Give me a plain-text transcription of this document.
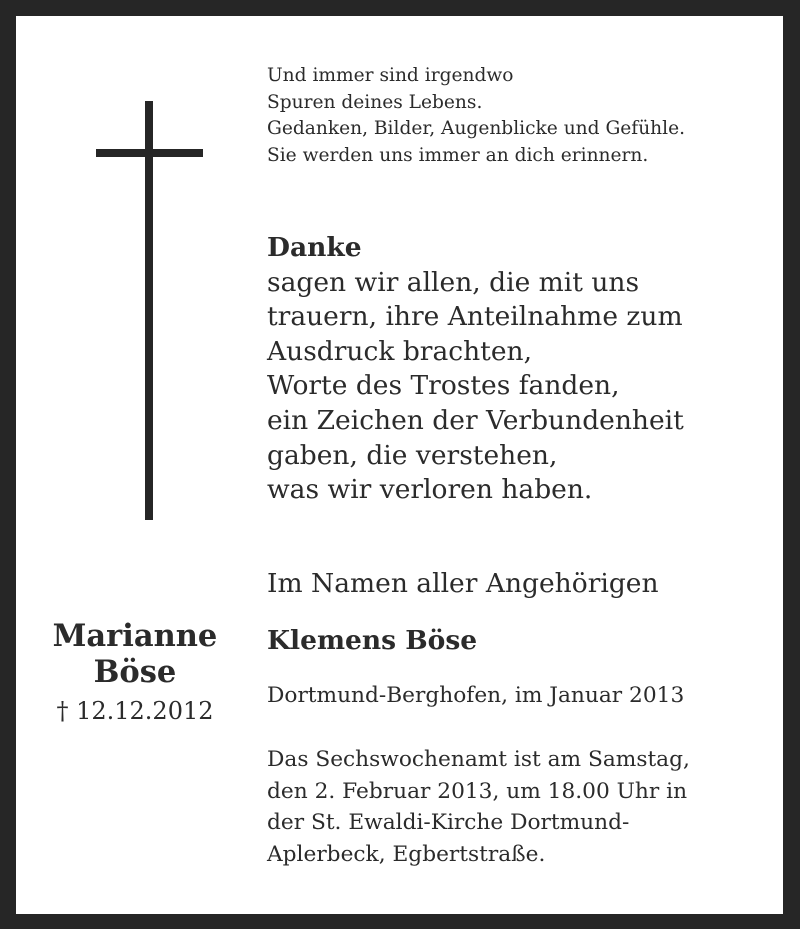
Und immer sind irgendwo
Spuren deines Lebens.
Gedanken, Bilder, Augenblicke und Gefühle.
Sie werden uns immer an dich erinnern.
Danke
sagen wir allen, die mit uns
trauern, ihre Anteilnahme zum
Ausdruck brachten,
Worte des Trostes fanden,
ein Zeichen der Verbundenheit
gaben, die verstehen,
was wir verloren haben.
Marianne
Böse
† 12.12.2012
Im Namen aller Angehörigen
Klemens Böse
Dortmund-Berghofen, im Januar 2013
Das Sechswochenamt ist am Samstag,
den 2. Februar 2013, um 18.00 Uhr in
der St. Ewaldi-Kirche Dortmund-
Aplerbeck, Egbertstraße.
